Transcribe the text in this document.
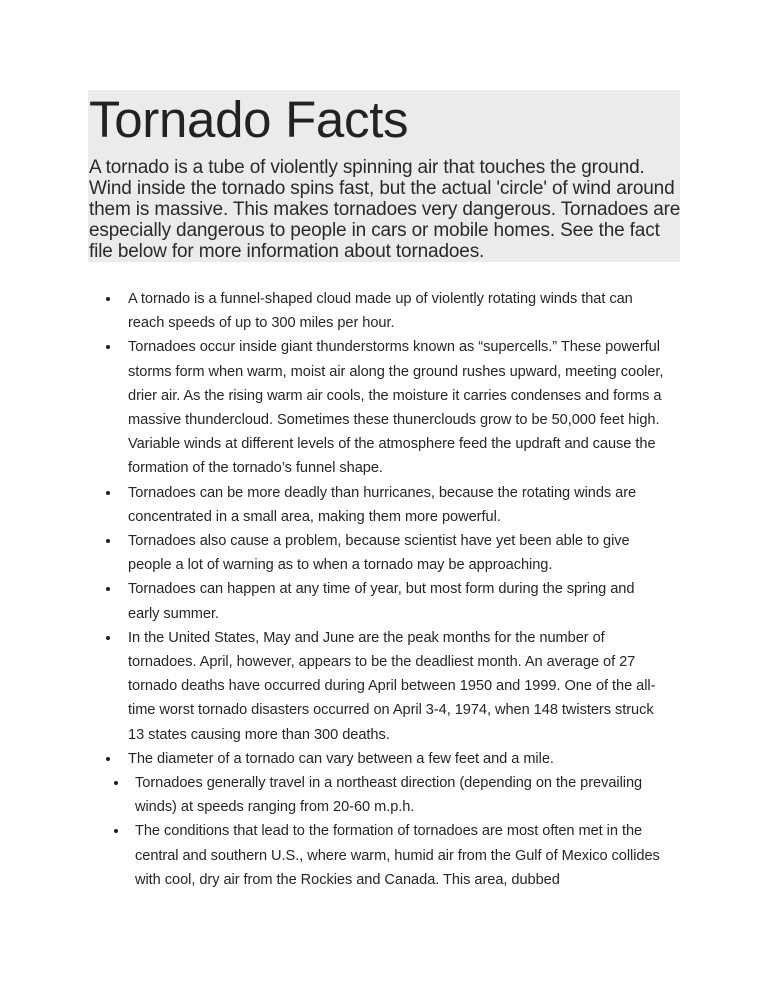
Tornado Facts

A tornado is a tube of violently spinning air that touches the ground. Wind inside the tornado spins fast, but the actual 'circle' of wind around them is massive. This makes tornadoes very dangerous. Tornadoes are especially dangerous to people in cars or mobile homes. See the fact file below for more information about tornadoes.

A tornado is a funnel-shaped cloud made up of violently rotating winds that can reach speeds of up to 300 miles per hour.
Tornadoes occur inside giant thunderstorms known as “supercells.” These powerful storms form when warm, moist air along the ground rushes upward, meeting cooler, drier air. As the rising warm air cools, the moisture it carries condenses and forms a massive thundercloud. Sometimes these thunerclouds grow to be 50,000 feet high. Variable winds at different levels of the atmosphere feed the updraft and cause the formation of the tornado’s funnel shape.
Tornadoes can be more deadly than hurricanes, because the rotating winds are concentrated in a small area, making them more powerful.
Tornadoes also cause a problem, because scientist have yet been able to give people a lot of warning as to when a tornado may be approaching.
Tornadoes can happen at any time of year, but most form during the spring and early summer.
In the United States, May and June are the peak months for the number of tornadoes. April, however, appears to be the deadliest month. An average of 27 tornado deaths have occurred during April between 1950 and 1999. One of the all-time worst tornado disasters occurred on April 3-4, 1974, when 148 twisters struck 13 states causing more than 300 deaths.
The diameter of a tornado can vary between a few feet and a mile.
Tornadoes generally travel in a northeast direction (depending on the prevailing winds) at speeds ranging from 20-60 m.p.h.
The conditions that lead to the formation of tornadoes are most often met in the central and southern U.S., where warm, humid air from the Gulf of Mexico collides with cool, dry air from the Rockies and Canada. This area, dubbed
